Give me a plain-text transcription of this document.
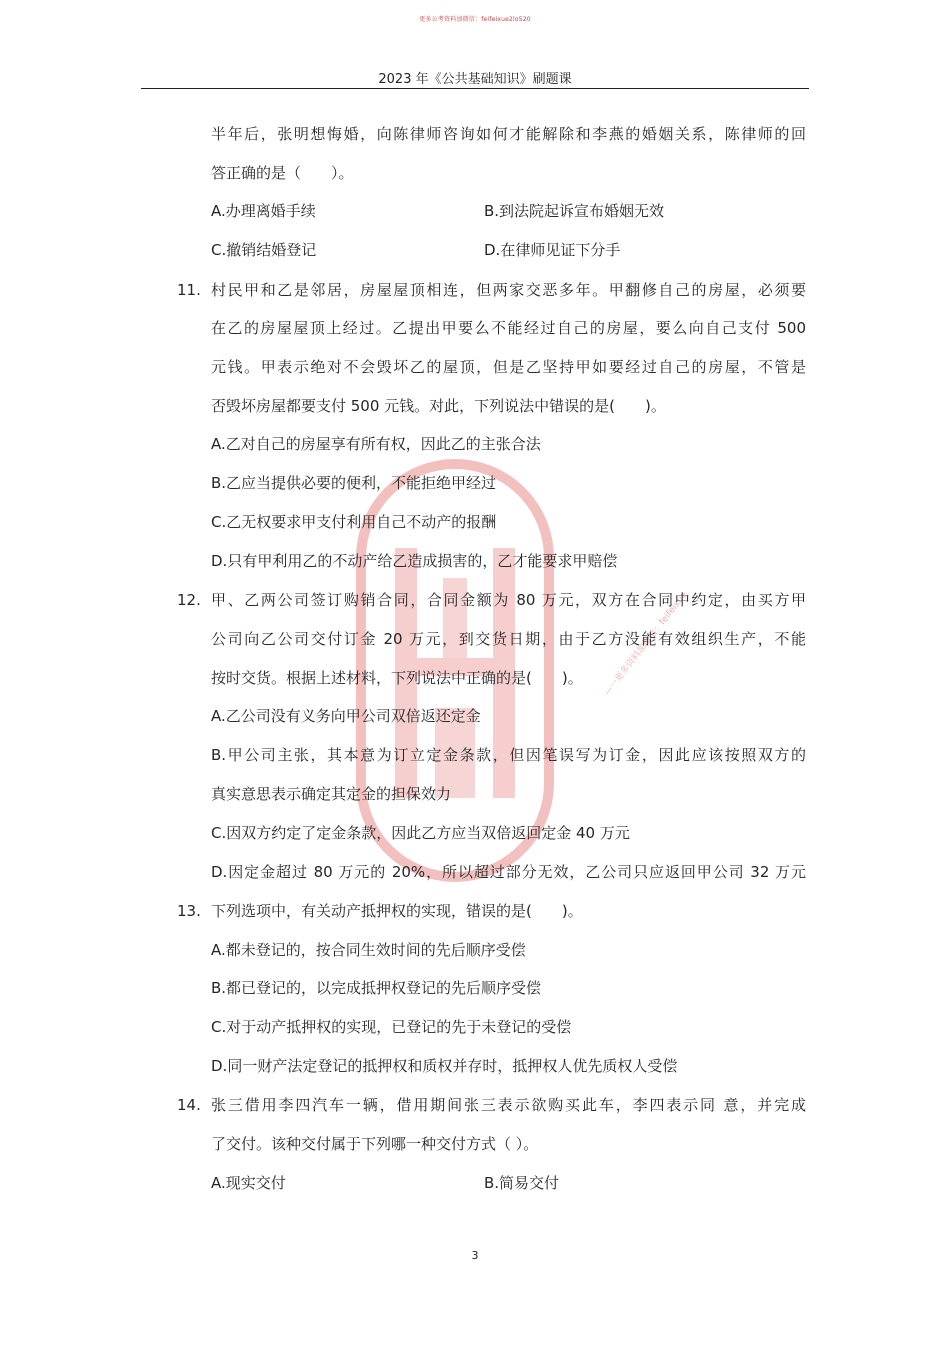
更多公考资料加微信：feifeixue2lo520
2023 年《公共基础知识》刷题课
—一更多资料加微信：feifeixue
半年后，张明想悔婚，向陈律师咨询如何才能解除和李燕的婚姻关系，陈律师的回
答正确的是（　　）。
A.办理离婚手续	B.到法院起诉宣布婚姻无效
C.撤销结婚登记	D.在律师见证下分手
11. 村民甲和乙是邻居，房屋屋顶相连，但两家交恶多年。甲翻修自己的房屋，必须要
在乙的房屋屋顶上经过。乙提出甲要么不能经过自己的房屋，要么向自己支付 500
元钱。甲表示绝对不会毁坏乙的屋顶，但是乙坚持甲如要经过自己的房屋，不管是
否毁坏房屋都要支付 500 元钱。对此，下列说法中错误的是(　　)。
A.乙对自己的房屋享有所有权，因此乙的主张合法
B.乙应当提供必要的便利，不能拒绝甲经过
C.乙无权要求甲支付利用自己不动产的报酬
D.只有甲利用乙的不动产给乙造成损害的，乙才能要求甲赔偿
12. 甲、乙两公司签订购销合同，合同金额为 80 万元，双方在合同中约定，由买方甲
公司向乙公司交付订金 20 万元，到交货日期，由于乙方没能有效组织生产，不能
按时交货。根据上述材料，下列说法中正确的是(　　)。
A.乙公司没有义务向甲公司双倍返还定金
B.甲公司主张，其本意为订立定金条款，但因笔误写为订金，因此应该按照双方的
真实意思表示确定其定金的担保效力
C.因双方约定了定金条款，因此乙方应当双倍返回定金 40 万元
D.因定金超过 80 万元的 20%，所以超过部分无效，乙公司只应返回甲公司 32 万元
13. 下列选项中，有关动产抵押权的实现，错误的是(　　)。
A.都未登记的，按合同生效时间的先后顺序受偿
B.都已登记的，以完成抵押权登记的先后顺序受偿
C.对于动产抵押权的实现，已登记的先于未登记的受偿
D.同一财产法定登记的抵押权和质权并存时，抵押权人优先质权人受偿
14. 张三借用李四汽车一辆，借用期间张三表示欲购买此车，李四表示同 意，并完成
了交付。该种交付属于下列哪一种交付方式（ ）。
A.现实交付	B.简易交付
3
